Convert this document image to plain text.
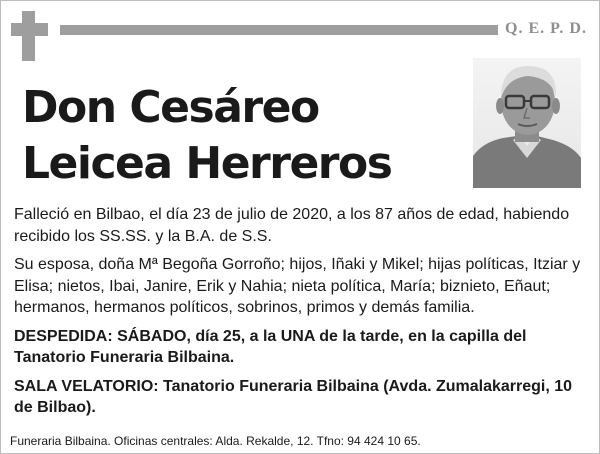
Q. E. P. D.
Don Cesáreo
Leicea Herreros

Falleció en Bilbao, el día 23 de julio de 2020, a los 87 años de edad, habiendo recibido los SS.SS. y la B.A. de S.S.

Su esposa, doña Mª Begoña Gorroño; hijos, Iñaki y Mikel; hijas políticas, Itziar y Elisa; nietos, Ibai, Janire, Erik y Nahia; nieta política, María; biznieto, Eñaut; hermanos, hermanos políticos, sobrinos, primos y demás familia.

DESPEDIDA: SÁBADO, día 25, a la UNA de la tarde, en la capilla del Tanatorio Funeraria Bilbaina.

SALA VELATORIO: Tanatorio Funeraria Bilbaina (Avda. Zumalakarregi, 10 de Bilbao).

Funeraria Bilbaina. Oficinas centrales: Alda. Rekalde, 12. Tfno: 94 424 10 65.
